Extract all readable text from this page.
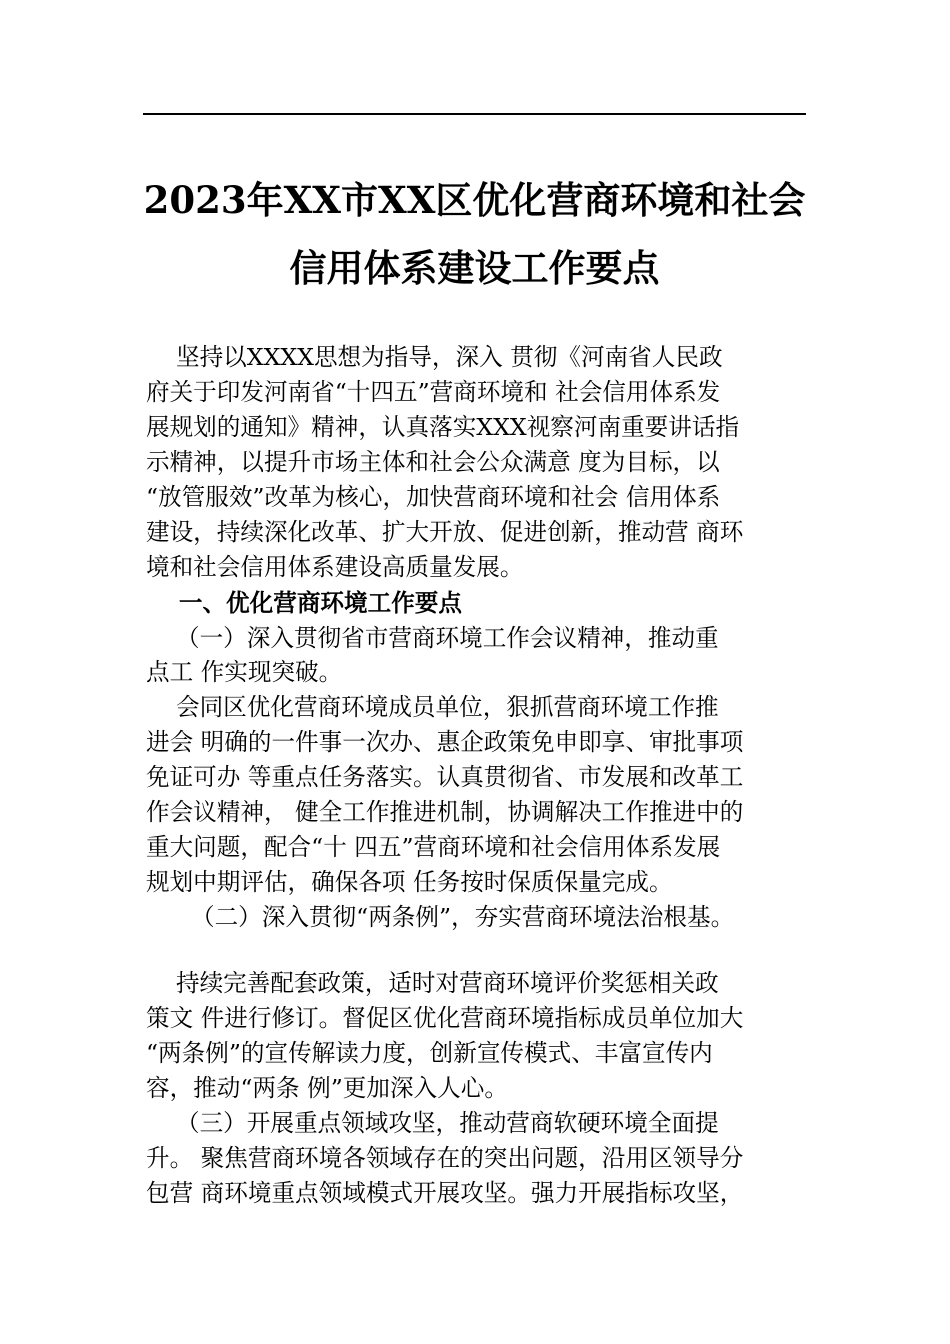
2023年XX市XX区优化营商环境和社会
信用体系建设工作要点
坚持以XXXX思想为指导，深入 贯彻《河南省人民政
府关于印发河南省“十四五”营商环境和 社会信用体系发
展规划的通知》精神，认真落实XXX视察河南重要讲话指
示精神，以提升市场主体和社会公众满意 度为目标，以
“放管服效”改革为核心，加快营商环境和社会 信用体系
建设，持续深化改革、扩大开放、促进创新，推动营 商环
境和社会信用体系建设高质量发展。
一、优化营商环境工作要点
（一）深入贯彻省市营商环境工作会议精神，推动重
点工 作实现突破。
会同区优化营商环境成员单位，狠抓营商环境工作推
进会 明确的一件事一次办、惠企政策免申即享、审批事项
免证可办 等重点任务落实。认真贯彻省、市发展和改革工
作会议精神， 健全工作推进机制，协调解决工作推进中的
重大问题，配合“十 四五”营商环境和社会信用体系发展
规划中期评估，确保各项 任务按时保质保量完成。
（二）深入贯彻“两条例”，夯实营商环境法治根基。
持续完善配套政策，适时对营商环境评价奖惩相关政
策文 件进行修订。督促区优化营商环境指标成员单位加大
“两条例”的宣传解读力度，创新宣传模式、丰富宣传内
容，推动“两条 例”更加深入人心。
（三）开展重点领域攻坚，推动营商软硬环境全面提
升。 聚焦营商环境各领域存在的突出问题，沿用区领导分
包营 商环境重点领域模式开展攻坚。强力开展指标攻坚，
